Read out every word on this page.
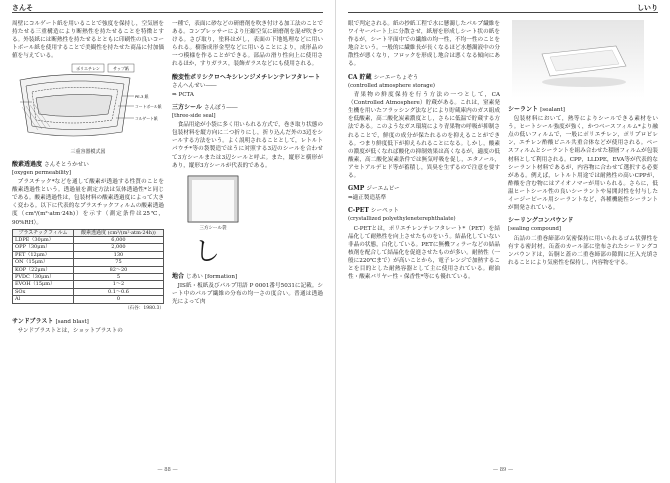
さんそ

周壁にコルゲート紙を用いることで強度を保持し，空気層を持たせる三重構造により断熱性を持たせることを特徴とする。外装紙には断熱性を持たせるとともに印刷性の良いコートボール紙を使用することで美観性を持たせた商品に付加価値を与えている。

ポリエチレン	サップ紙
PE-3 紙
コートボール紙
コルゲート紙
三重容器模式図
酸素透過度 さんそとうかせい
[oxygen permeability]

プラスチック*などを通して酸素が透過する性質のことを酸素透過性という。透過量を測定方法は気体透過性*と同じである。酸素透過性は，包装材料の酸素透過度によって大きく変わる。以下に代表的なプラスチックフィルムの酸素透過度（cm³/(m²·atm·24h)）を示す（測定条件は25℃，90%RH）。

プラスチックフィルム	酸素透過度 (cm³/(m²·atm·24h))
LDPE（30μm）	6,000
OPP（30μm）	2,000
PET（12μm）	130
ON（15μm）	75
KOP（22μm）	82～20
PVDC（30μm）	5
EVOH（15μm）	1～2
SOx	0.1～0.6
Al	0
（石谷：1980.3）
サンドブラスト [sand blast]

サンドブラストとは，ショットブラストの

一種で，表面に砂などの研磨剤を吹き付ける加工法のことである。コンプレッサーにより圧縮空気に研磨剤を混ぜ吹きつける。さび取り，塗料はがし，表面の下地処理などに用いられる。樹脂成形金型などに用いることにより，成形品の一つ模様を作ることができる。部品の滑り性向上に使用されるほか，すりガラス，装飾ガラスなどにも使用される。

酸変性ポリシクロヘキシレンジメチレンテレフタレート さんへんせい――
⇒ PCTA
三方シール さんぽう――
[three-side seal]

食品用途が小袋に多く用いられる方式で，巻き取り状態の包装材料を縦方向に二つ折りにし，折り込んだ外の3辺をシールする方法をいう。よく説明されることとして，レトルトパウチ*等の袋製造ではうに対照する3辺のシールを合わせて3方シールまたは3辺シールと呼ぶ。また，縦形と横形があり，縦形3方シールが代表的である。

三方シール袋
し
地合 じあい [formation]

JIS紙・板紙及びパルプ用語 P 0001番号5031に記載。シート中のパルプ繊維の分布の均一さの度合い。普通は透過光によって肉

— 88 —
しいり

眼で判定される。紙の抄紙工程で水に懸濁したパルプ繊維をワイヤーパート上に分散させ，紙層を形成しシート状の紙を作るが，シート平面中での繊維の均一性，不均一性のことを地合という。一般的に繊維長が長くなるほど水懸濁液中の分散性が悪くなり，フロックを形成し地合は悪くなる傾向にある。

CA 貯蔵 シーエーちょぞう
(controlled atmosphere storage)

青果物の鮮度保持を行う方法の一つとして，CA（Controlled Atmosphere）貯蔵がある。これは，窒素発生機を用いたフラッシング法などにより貯蔵庫内のガス組成を低酸素，高二酸化炭素濃度とし，さらに低温で貯蔵する方法である。このようなガス環境により青果物の呼吸が抑制されることで，鮮度の成分が保たれるのを抑えることができる。つまり鮮度低下が抑えられることになる。しかし，酸素の濃度が低くなれば酸化の抑制効果は高くなるが，適度の低酸素，高二酸化炭素条件では無気呼吸を促し，エタノール，アセトアルデヒド等が蓄積し，異臭を生ずるので注意を要する。

GMP ジーエムピー
⇒適正製造基準
C-PET シーペット
(crystallized polyethyleneterephthalate)

C-PETとは，ポリエチレンテレフタレート*（PET）を結晶化して耐熱性を向上させたものをいう。結晶化していない非晶の状態，白化している。PETに無機フィラーなどの結晶核剤を配合して結晶化を促進させたものが多い。耐熱性（一般に220℃まで）が高いことから，電子レンジで加熱することを目的とした耐熱容器として主に使用されている。耐油性・酸素バリヤー性・保香性*等にも優れている。

シーラント [sealant]

包装材料において，熱等によりシールできる素材をいう。ヒートシール強度が強く，かつベースフィルム*より融点の低いフィルムで，一般にポリエチレン，ポリプロピレン，エチレン酢酸ビニル共重合体などが使用される。ベースフィルムとシーラントを組み合わせた積層フィルムが包装材料として利用される。CPP，LLDPE，EVA等が代表的なシーラント材料であるが，内容物に合わせて選択する必要がある。例えば，レトルト用途では耐熱性の高いCPPが，酢酸を含む物にはアイオノマーが用いられる。さらに，低温ヒートシール性の良いシーラントや易開封性を付与したイージーピール用シーラントなど，各種機能性シーラントが開発されている。

シーリングコンパウンド
[sealing compound]

缶詰の二重巻締部の気密保持に用いられるゴム状弾性を有する密封材。缶蓋のカール部に塗布されたシーリングコンパウンドは，缶胴と蓋の二重巻締部の隙間に圧入充填されることにより気密性を保持し，内容物を守る。

— 89 —
